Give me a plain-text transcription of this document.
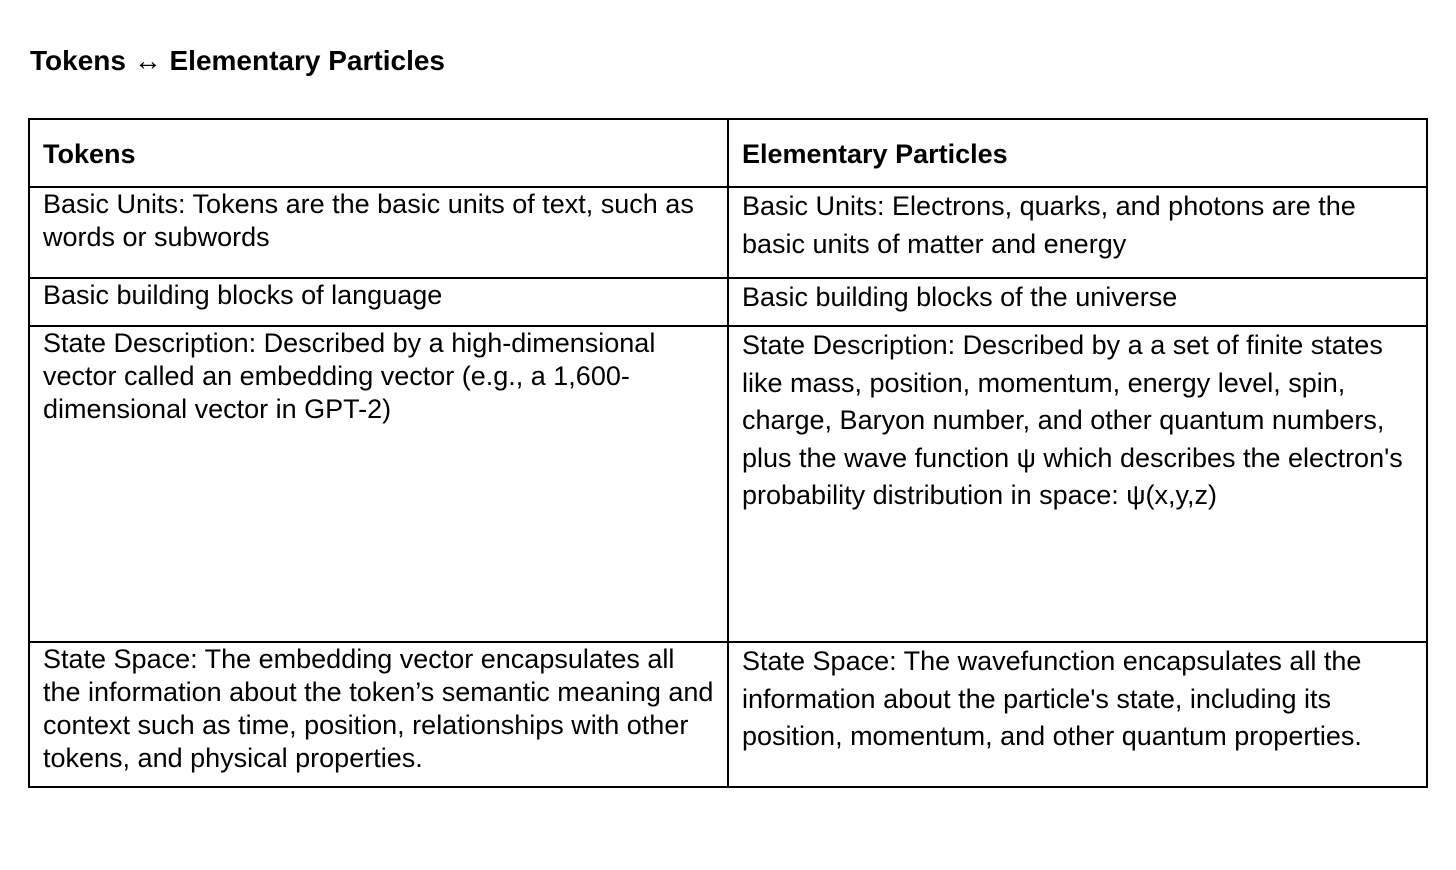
Tokens ↔ Elementary Particles
Tokens	Elementary Particles
Basic Units: Tokens are the basic units of text, such as words or subwords	Basic Units: Electrons, quarks, and photons are the basic units of matter and energy
Basic building blocks of language	Basic building blocks of the universe
State Description: Described by a high-dimensional vector called an embedding vector (e.g., a 1,600-dimensional vector in GPT-2)	State Description: Described by a a set of finite states like mass, position, momentum, energy level, spin, charge, Baryon number, and other quantum numbers, plus the wave function ψ which describes the electron's probability distribution in space: ψ(x,y,z)
State Space: The embedding vector encapsulates all the information about the token’s semantic meaning and context such as time, position, relationships with other tokens, and physical properties.	State Space: The wavefunction encapsulates all the information about the particle's state, including its position, momentum, and other quantum properties.
